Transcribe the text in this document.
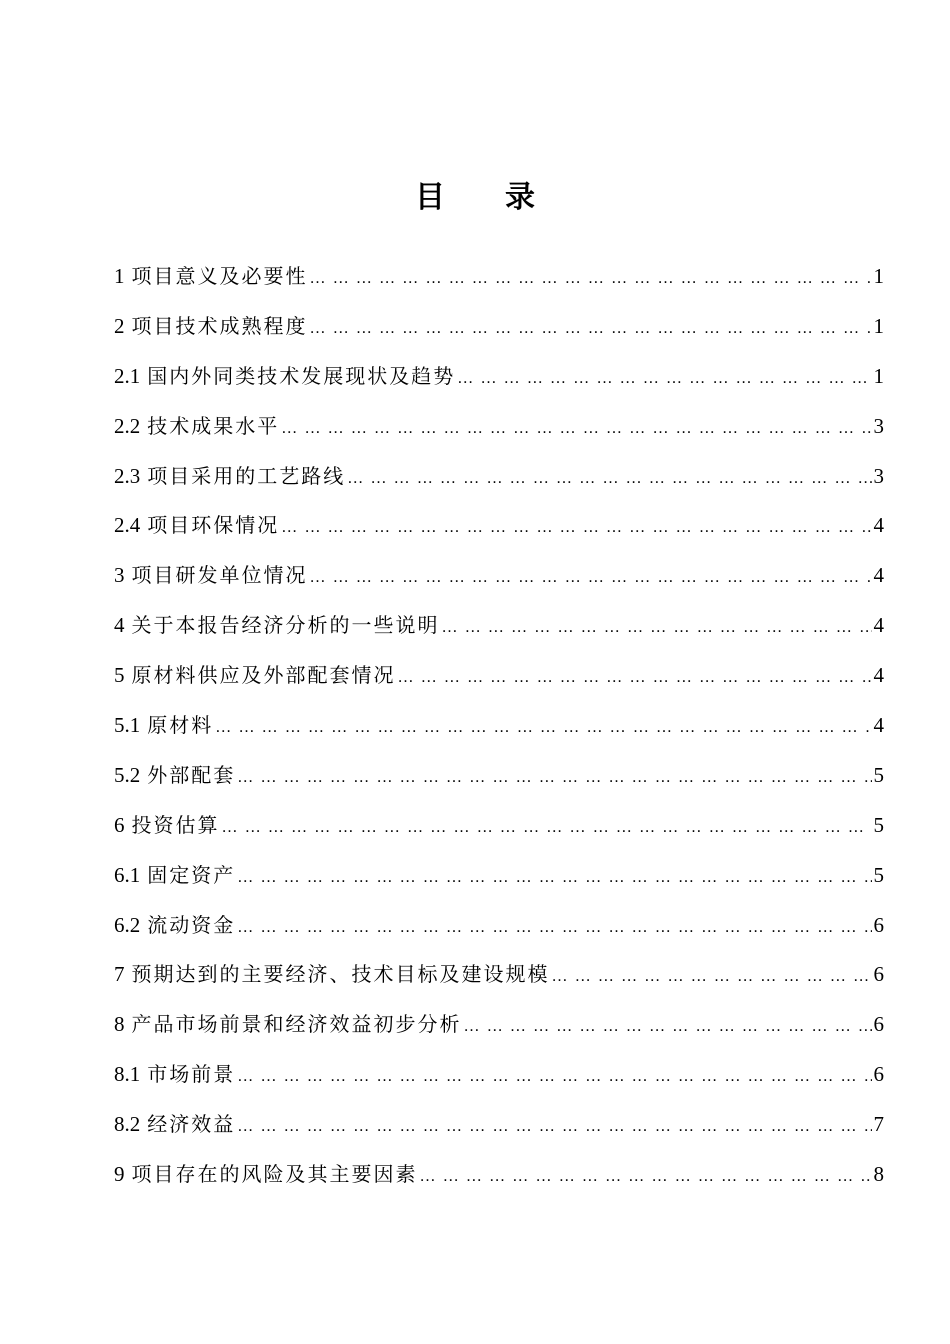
目　　录
1 项目意义及必要性 … … … … … … … … … … … … … … … … … … … … … … … … … … … … … … … … … … … … … … … … … … … … … … … … … …	1
2 项目技术成熟程度 … … … … … … … … … … … … … … … … … … … … … … … … … … … … … … … … … … … … … … … … … … … … … … … … … …	1
2.1 国内外同类技术发展现状及趋势 … … … … … … … … … … … … … … … … … … … … … … … … … … … … … … … … … … … … … … … … … … … … … … … … … …	1
2.2 技术成果水平 … … … … … … … … … … … … … … … … … … … … … … … … … … … … … … … … … … … … … … … … … … … … … … … … … …	3
2.3 项目采用的工艺路线 … … … … … … … … … … … … … … … … … … … … … … … … … … … … … … … … … … … … … … … … … … … … … … … … … …	3
2.4 项目环保情况 … … … … … … … … … … … … … … … … … … … … … … … … … … … … … … … … … … … … … … … … … … … … … … … … … …	4
3 项目研发单位情况 … … … … … … … … … … … … … … … … … … … … … … … … … … … … … … … … … … … … … … … … … … … … … … … … … …	4
4 关于本报告经济分析的一些说明 … … … … … … … … … … … … … … … … … … … … … … … … … … … … … … … … … … … … … … … … … … … … … … … … … …	4
5 原材料供应及外部配套情况 … … … … … … … … … … … … … … … … … … … … … … … … … … … … … … … … … … … … … … … … … … … … … … … … … …	4
5.1 原材料 … … … … … … … … … … … … … … … … … … … … … … … … … … … … … … … … … … … … … … … … … … … … … … … … … …	4
5.2 外部配套 … … … … … … … … … … … … … … … … … … … … … … … … … … … … … … … … … … … … … … … … … … … … … … … … … …	5
6 投资估算 … … … … … … … … … … … … … … … … … … … … … … … … … … … … … … … … … … … … … … … … … … … … … … … … … …	5
6.1 固定资产 … … … … … … … … … … … … … … … … … … … … … … … … … … … … … … … … … … … … … … … … … … … … … … … … … …	5
6.2 流动资金 … … … … … … … … … … … … … … … … … … … … … … … … … … … … … … … … … … … … … … … … … … … … … … … … … …	6
7 预期达到的主要经济、技术目标及建设规模 … … … … … … … … … … … … … … … … … … … … … … … … … … … … … … … … … … … … … … … … … … … … … … … … … …	6
8 产品市场前景和经济效益初步分析 … … … … … … … … … … … … … … … … … … … … … … … … … … … … … … … … … … … … … … … … … … … … … … … … … …	6
8.1 市场前景 … … … … … … … … … … … … … … … … … … … … … … … … … … … … … … … … … … … … … … … … … … … … … … … … … …	6
8.2 经济效益 … … … … … … … … … … … … … … … … … … … … … … … … … … … … … … … … … … … … … … … … … … … … … … … … … …	7
9 项目存在的风险及其主要因素 … … … … … … … … … … … … … … … … … … … … … … … … … … … … … … … … … … … … … … … … … … … … … … … … … …	8
